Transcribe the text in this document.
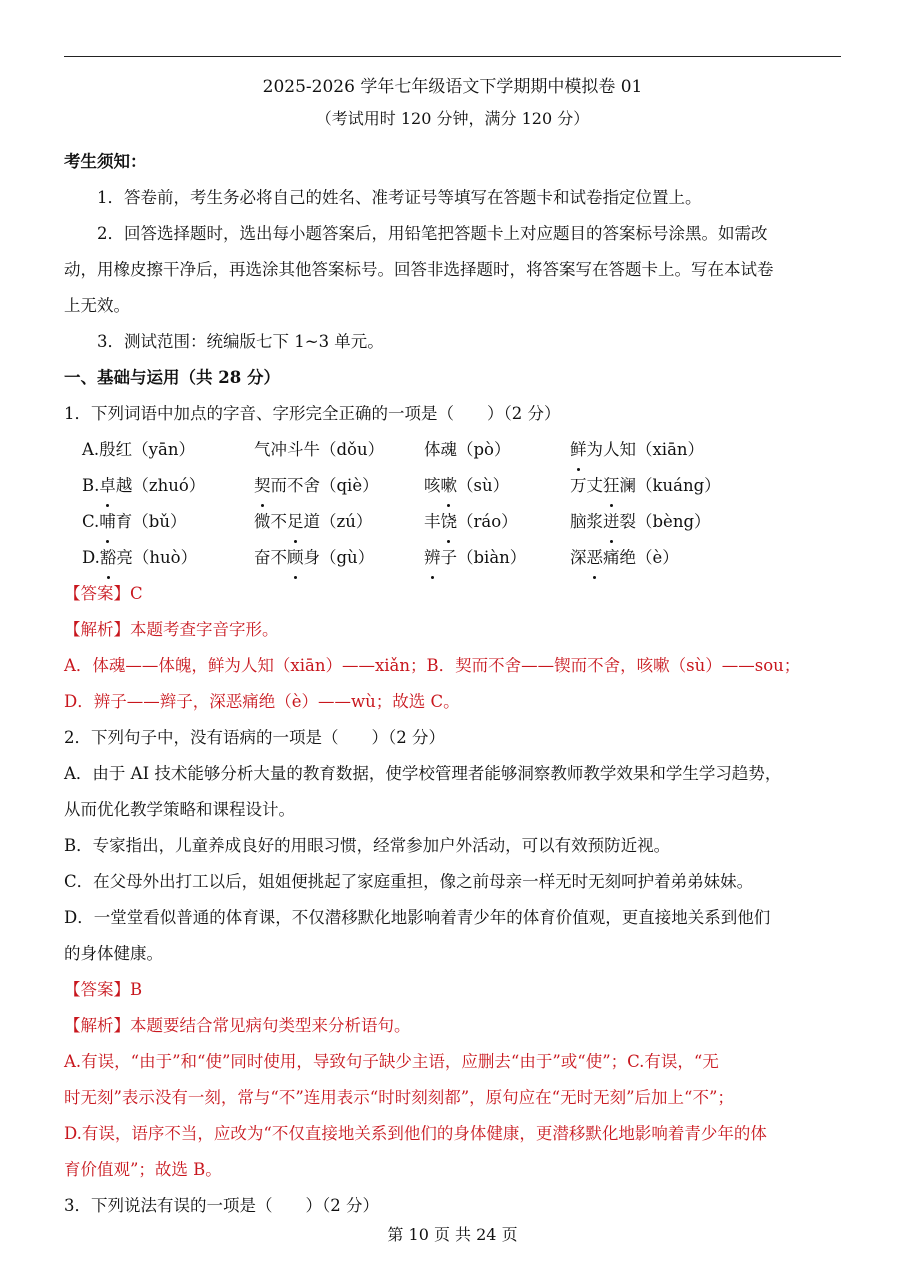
2025-2026 学年七年级语文下学期期中模拟卷 01
（考试用时 120 分钟，满分 120 分）

考生须知：

1．答卷前，考生务必将自己的姓名、准考证号等填写在答题卡和试卷指定位置上。

2．回答选择题时，选出每小题答案后，用铅笔把答题卡上对应题目的答案标号涂黑。如需改

动，用橡皮擦干净后，再选涂其他答案标号。回答非选择题时，将答案写在答题卡上。写在本试卷

上无效。

3．测试范围：统编版七下 1~3 单元。

一、基础与运用（共 28 分）

1．下列词语中加点的字音、字形完全正确的一项是（　　）（2 分）

A.殷红（yān）	气冲斗牛（dǒu）	体魂（pò）	鲜为人知（xiān）
B.卓越（zhuó）	契而不舍（qiè）	咳嗽（sù）	万丈狂澜（kuáng）
C.哺育（bǔ）	微不足道（zú）	丰饶（ráo）	脑浆迸裂（bèng）
D.豁亮（huò）	奋不顾身（gù）	辨子（biàn）	深恶痛绝（è）

【答案】C

【解析】本题考查字音字形。

A．体魂——体魄，鲜为人知（xiān）——xiǎn；B．契而不舍——锲而不舍，咳嗽（sù）——sou；

D．辨子——辫子，深恶痛绝（è）——wù；故选 C。

2．下列句子中，没有语病的一项是（　　）（2 分）

A．由于 AI 技术能够分析大量的教育数据，使学校管理者能够洞察教师教学效果和学生学习趋势，

从而优化教学策略和课程设计。

B．专家指出，儿童养成良好的用眼习惯，经常参加户外活动，可以有效预防近视。

C．在父母外出打工以后，姐姐便挑起了家庭重担，像之前母亲一样无时无刻呵护着弟弟妹妹。

D．一堂堂看似普通的体育课，不仅潜移默化地影响着青少年的体育价值观，更直接地关系到他们

的身体健康。

【答案】B

【解析】本题要结合常见病句类型来分析语句。

A.有误，“由于”和“使”同时使用，导致句子缺少主语，应删去“由于”或“使”；C.有误，“无

时无刻”表示没有一刻，常与“不”连用表示“时时刻刻都”，原句应在“无时无刻”后加上“不”；

D.有误，语序不当，应改为“不仅直接地关系到他们的身体健康，更潜移默化地影响着青少年的体

育价值观”；故选 B。

3．下列说法有误的一项是（　　）（2 分）

第 10 页 共 24 页
